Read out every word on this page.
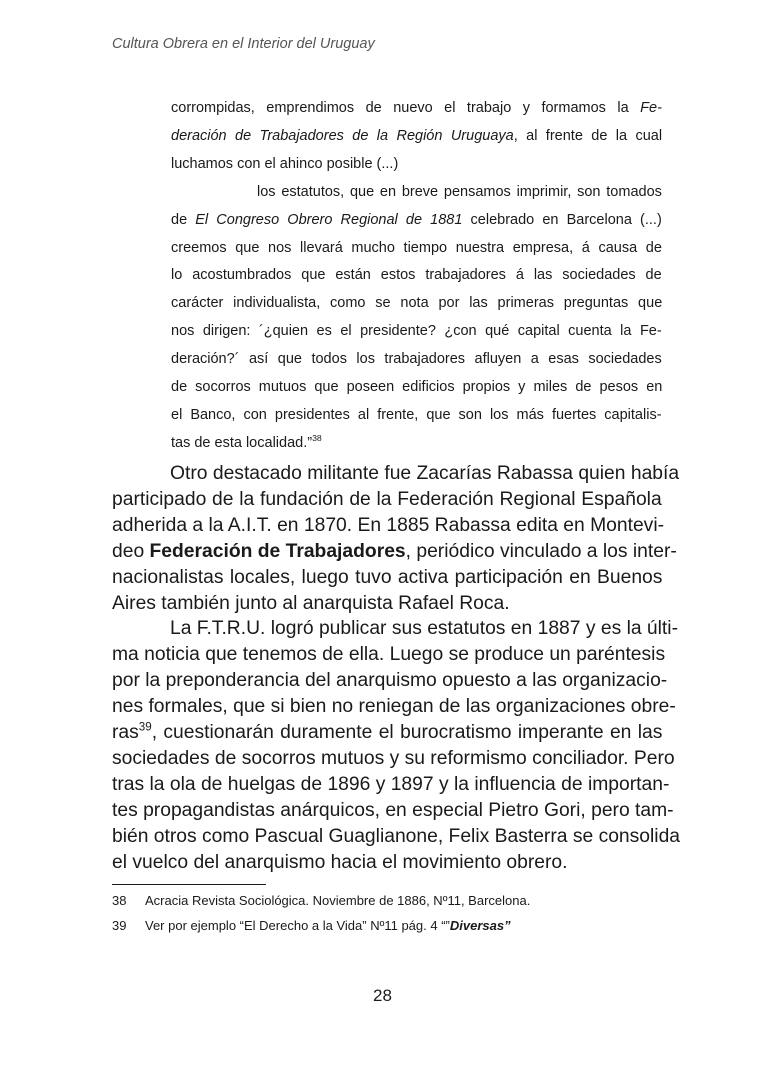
Cultura Obrera en el Interior del Uruguay
corrompidas, emprendimos de nuevo el trabajo y formamos la Fe-
deración de Trabajadores de la Región Uruguaya, al frente de la cual
luchamos con el ahinco posible (...)
los estatutos, que en breve pensamos imprimir, son tomados
de El Congreso Obrero Regional de 1881 celebrado en Barcelona (...)
creemos que nos llevará mucho tiempo nuestra empresa, á causa de
lo acostumbrados que están estos trabajadores á las sociedades de
carácter individualista, como se nota por las primeras preguntas que
nos dirigen: ´¿quien es el presidente? ¿con qué capital cuenta la Fe-
deración?´ así que todos los trabajadores afluyen a esas sociedades
de socorros mutuos que poseen edificios propios y miles de pesos en
el Banco, con presidentes al frente, que son los más fuertes capitalis-
tas de esta localidad.”$^{38}$
Otro destacado militante fue Zacarías Rabassa quien había
participado de la fundación de la Federación Regional Española
adherida a la A.I.T. en 1870. En 1885 Rabassa edita en Montevi-
deo Federación de Trabajadores, periódico vinculado a los inter-
nacionalistas locales, luego tuvo activa participación en Buenos
Aires también junto al anarquista Rafael Roca.
La F.T.R.U. logró publicar sus estatutos en 1887 y es la últi-
ma noticia que tenemos de ella. Luego se produce un paréntesis
por la preponderancia del anarquismo opuesto a las organizacio-
nes formales, que si bien no reniegan de las organizaciones obre-
ras$^{39}$, cuestionarán duramente el burocratismo imperante en las
sociedades de socorros mutuos y su reformismo conciliador. Pero
tras la ola de huelgas de 1896 y 1897 y la influencia de importan-
tes propagandistas anárquicos, en especial Pietro Gori, pero tam-
bién otros como Pascual Guaglianone, Felix Basterra se consolida
el vuelco del anarquismo hacia el movimiento obrero.
38 Acracia Revista Sociológica. Noviembre de 1886, Nº11, Barcelona.
39 Ver por ejemplo “El Derecho a la Vida” Nº11 pág. 4 “”Diversas”
28
